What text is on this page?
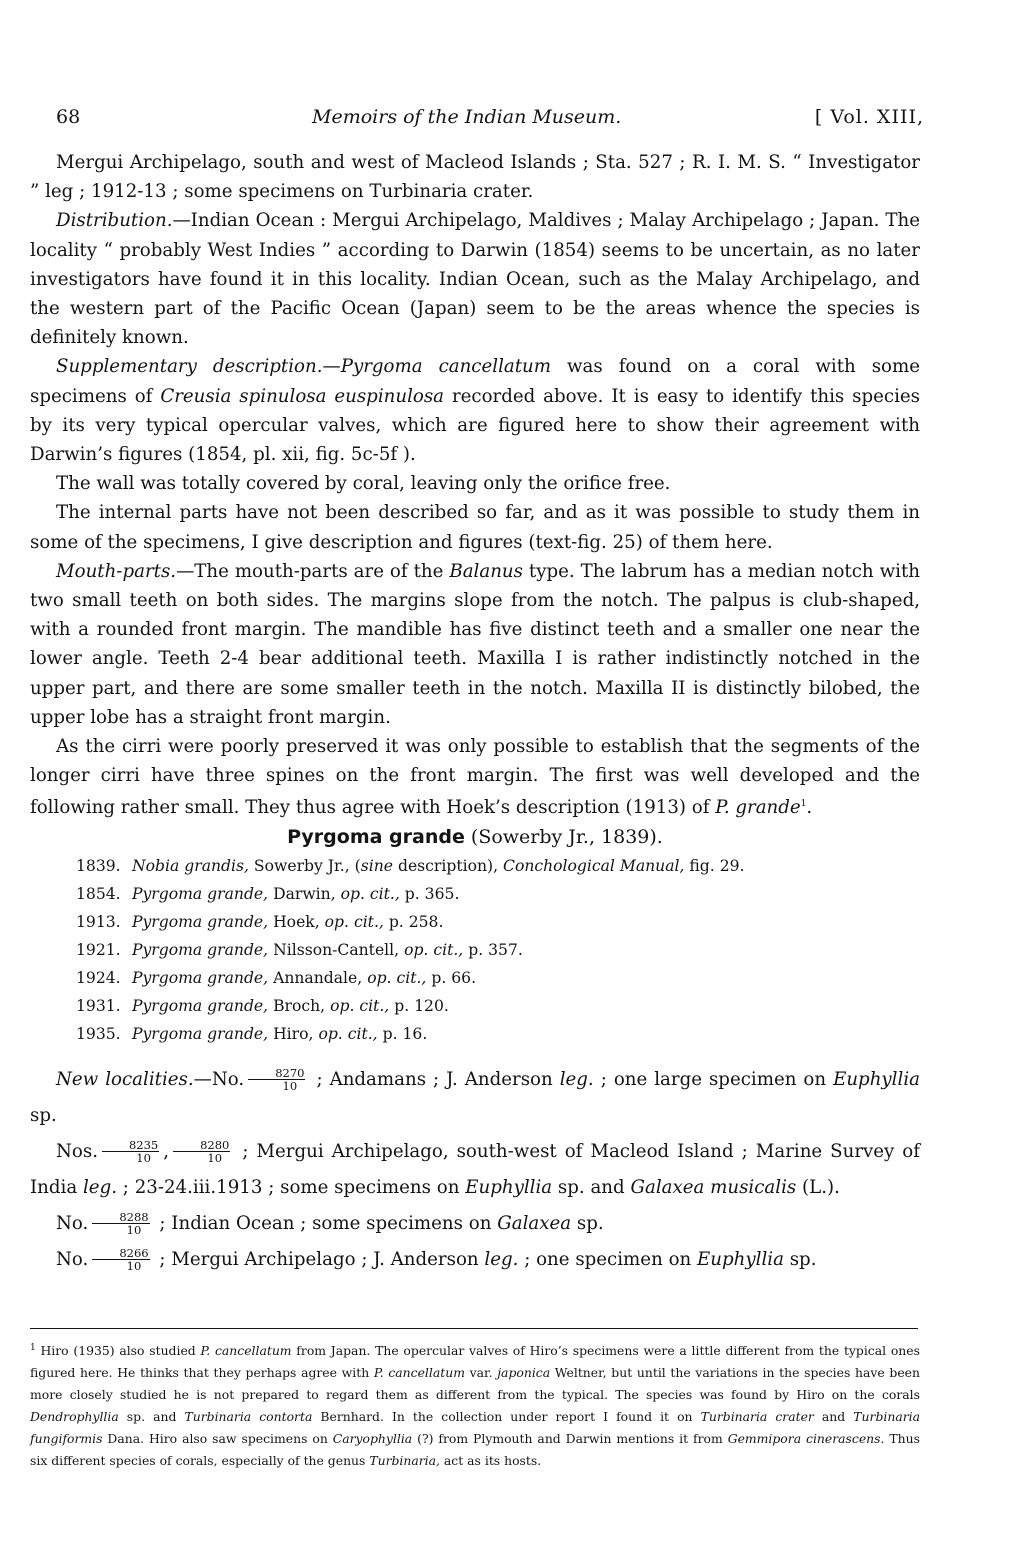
68	Memoirs of the Indian Museum.	[ Vol. XIII,

Mergui Archipelago, south and west of Macleod Islands ; Sta. 527 ; R. I. M. S. “ Investigator ” leg ; 1912-13 ; some specimens on Turbinaria crater.

Distribution.—Indian Ocean : Mergui Archipelago, Maldives ; Malay Archipelago ; Japan. The locality “ probably West Indies ” according to Darwin (1854) seems to be uncertain, as no later investigators have found it in this locality. Indian Ocean, such as the Malay Archipelago, and the western part of the Pacific Ocean (Japan) seem to be the areas whence the species is definitely known.

Supplementary description.—Pyrgoma cancellatum was found on a coral with some specimens of Creusia spinulosa euspinulosa recorded above. It is easy to identify this species by its very typical opercular valves, which are figured here to show their agreement with Darwin’s figures (1854, pl. xii, fig. 5c-5f ).

The wall was totally covered by coral, leaving only the orifice free.

The internal parts have not been described so far, and as it was possible to study them in some of the specimens, I give description and figures (text-fig. 25) of them here.

Mouth-parts.—The mouth-parts are of the Balanus type. The labrum has a median notch with two small teeth on both sides. The margins slope from the notch. The palpus is club-shaped, with a rounded front margin. The mandible has five distinct teeth and a smaller one near the lower angle. Teeth 2-4 bear additional teeth. Maxilla I is rather indistinctly notched in the upper part, and there are some smaller teeth in the notch. Maxilla II is distinctly bilobed, the upper lobe has a straight front margin.

As the cirri were poorly preserved it was only possible to establish that the segments of the longer cirri have three spines on the front margin. The first was well developed and the following rather small. They thus agree with Hoek’s description (1913) of P. grande$^1$.

Pyrgoma grande (Sowerby Jr., 1839).

1839. Nobia grandis, Sowerby Jr., (sine description), Conchological Manual, fig. 29.
1854. Pyrgoma grande, Darwin, op. cit., p. 365.
1913. Pyrgoma grande, Hoek, op. cit., p. 258.
1921. Pyrgoma grande, Nilsson-Cantell, op. cit., p. 357.
1924. Pyrgoma grande, Annandale, op. cit., p. 66.
1931. Pyrgoma grande, Broch, op. cit., p. 120.
1935. Pyrgoma grande, Hiro, op. cit., p. 16.

New localities.—No. $\frac{8270}{10}$ ; Andamans ; J. Anderson leg. ; one large specimen on Euphyllia sp.

Nos. $\frac{8235}{10}$ , $\frac{8280}{10}$ ; Mergui Archipelago, south-west of Macleod Island ; Marine Survey of India leg. ; 23-24.iii.1913 ; some specimens on Euphyllia sp. and Galaxea musicalis (L.).

No. $\frac{8288}{10}$ ; Indian Ocean ; some specimens on Galaxea sp.

No. $\frac{8266}{10}$ ; Mergui Archipelago ; J. Anderson leg. ; one specimen on Euphyllia sp.

$^1$ Hiro (1935) also studied P. cancellatum from Japan. The opercular valves of Hiro’s specimens were a little different from the typical ones figured here. He thinks that they perhaps agree with P. cancellatum var. japonica Weltner, but until the variations in the species have been more closely studied he is not prepared to regard them as different from the typical. The species was found by Hiro on the corals Dendrophyllia sp. and Turbinaria contorta Bernhard. In the collection under report I found it on Turbinaria crater and Turbinaria fungiformis Dana. Hiro also saw specimens on Caryophyllia (?) from Plymouth and Darwin mentions it from Gemmipora cinerascens. Thus six different species of corals, especially of the genus Turbinaria, act as its hosts.
